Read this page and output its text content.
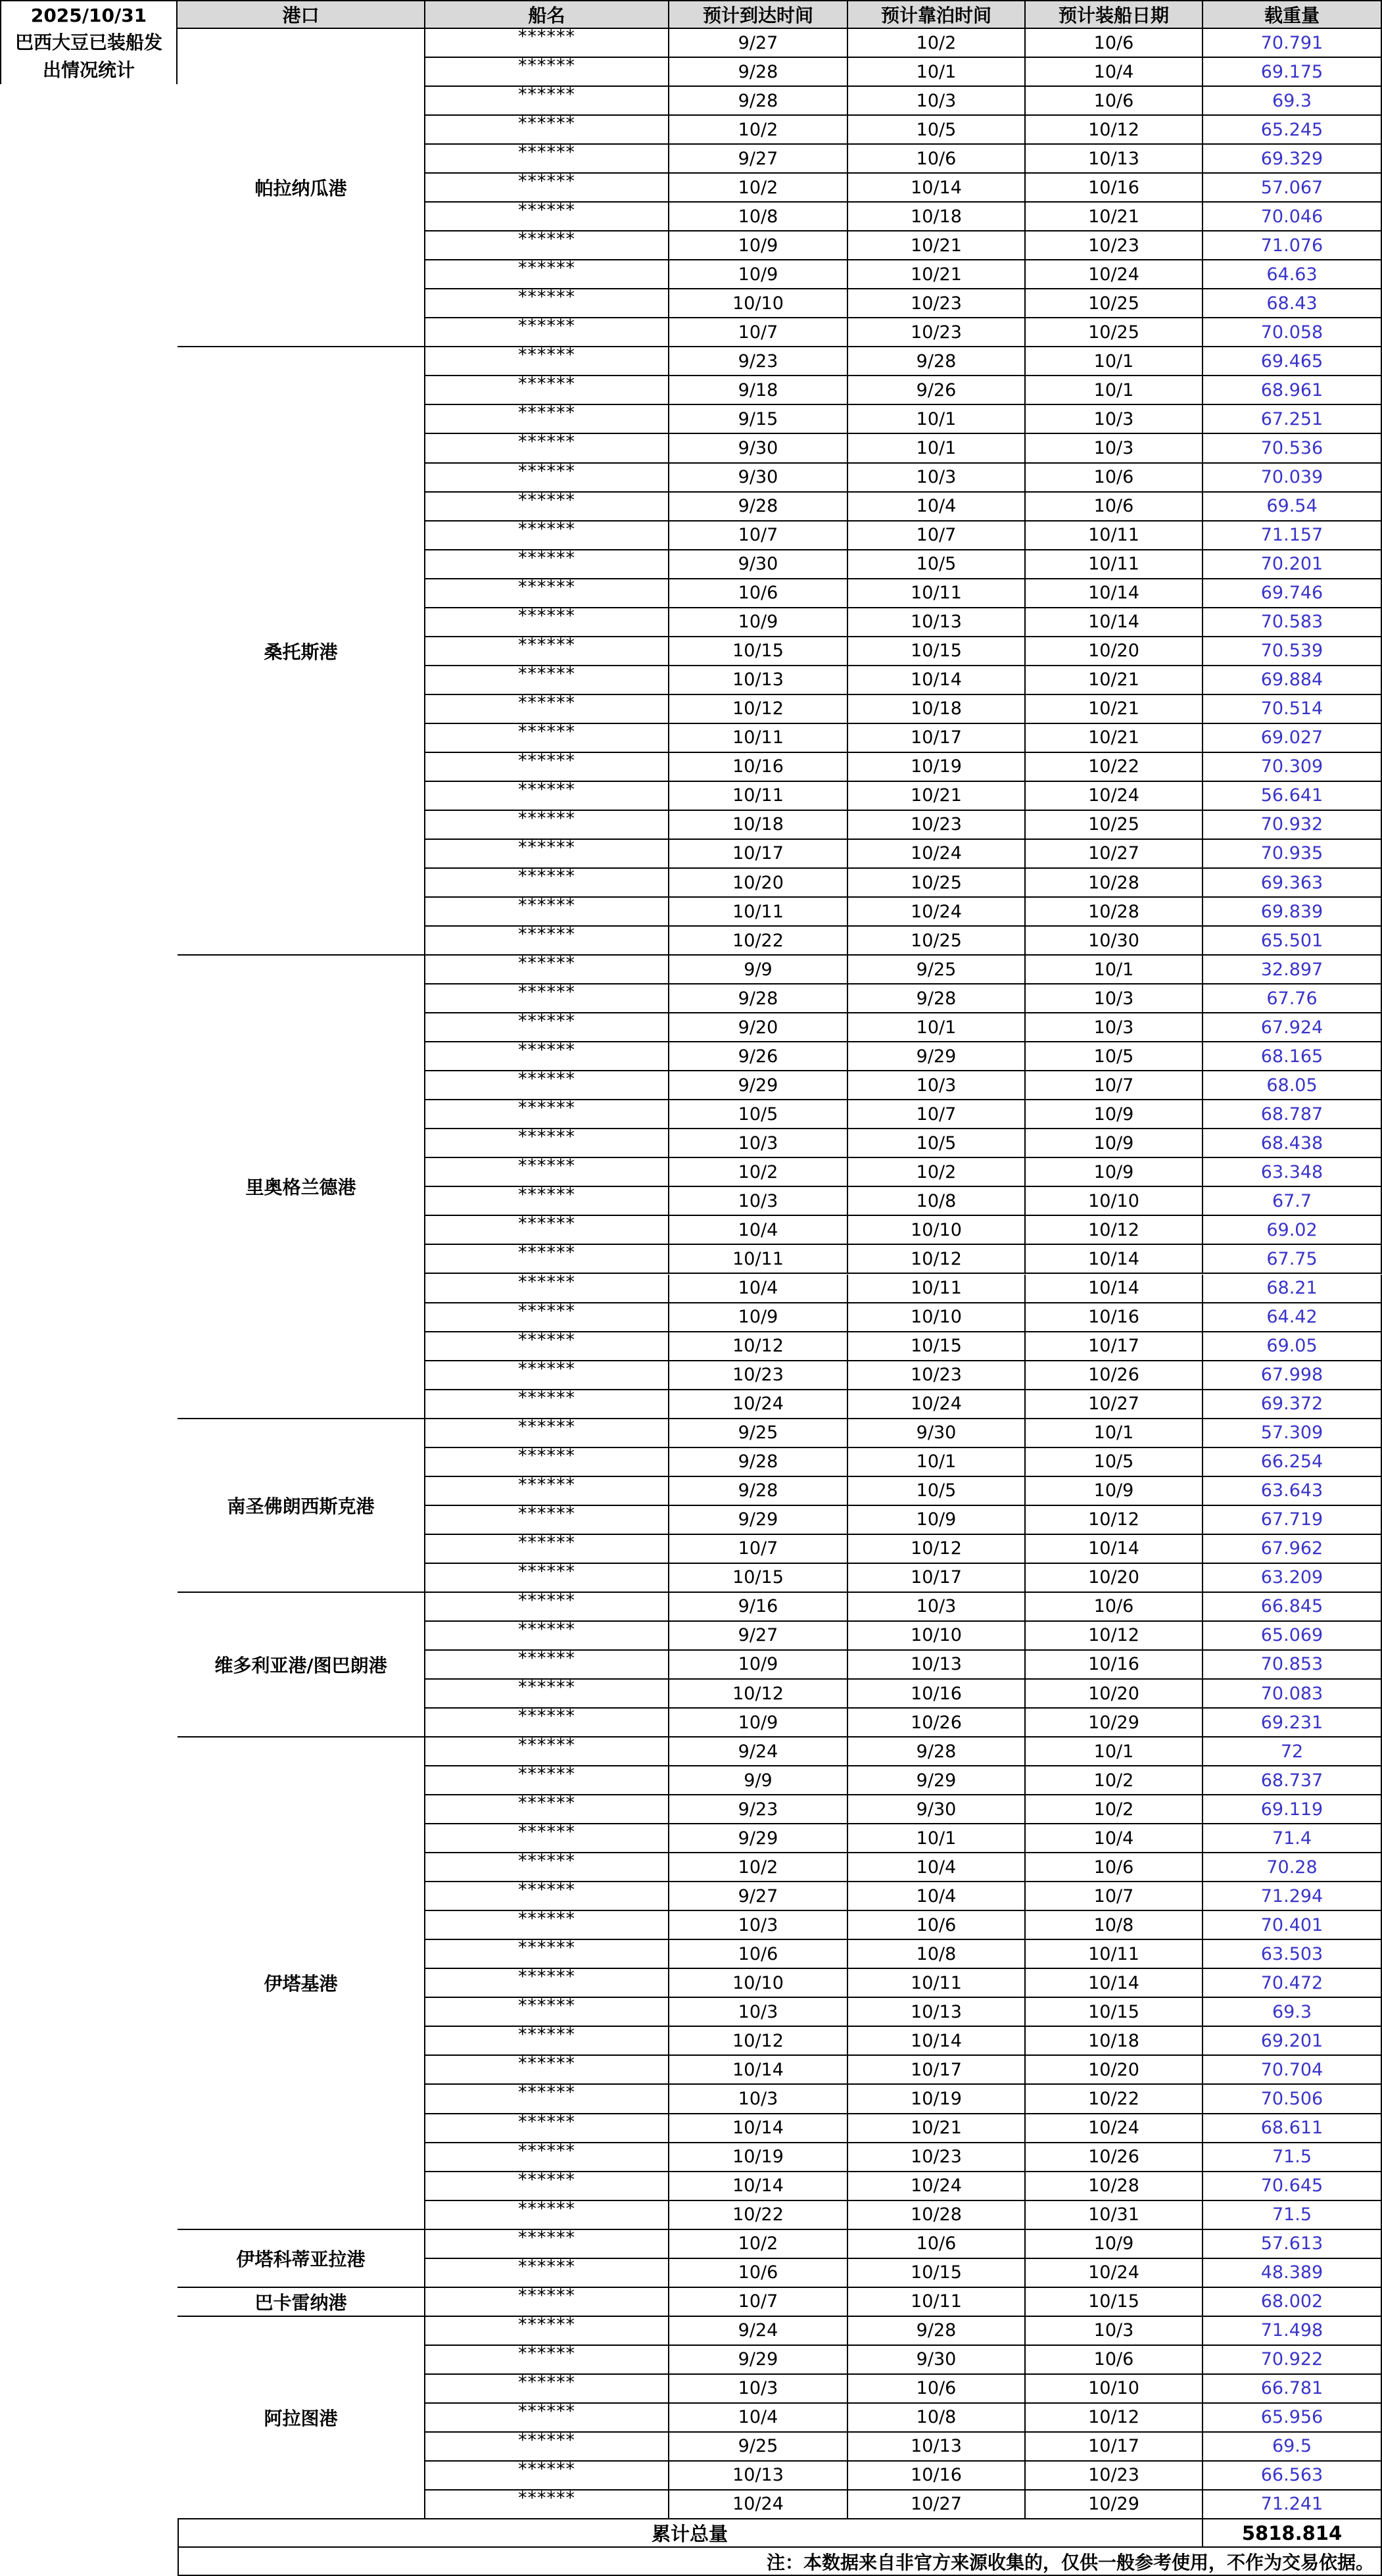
2025/10/31
巴西大豆已装船发
出情况统计
港口	船名	预计到达时间	预计靠泊时间	预计装船日期	载重量
帕拉纳瓜港
******	9/27	10/2	10/6	70.791
******	9/28	10/1	10/4	69.175
******	9/28	10/3	10/6	69.3
******	10/2	10/5	10/12	65.245
******	9/27	10/6	10/13	69.329
******	10/2	10/14	10/16	57.067
******	10/8	10/18	10/21	70.046
******	10/9	10/21	10/23	71.076
******	10/9	10/21	10/24	64.63
******	10/10	10/23	10/25	68.43
******	10/7	10/23	10/25	70.058
桑托斯港
******	9/23	9/28	10/1	69.465
******	9/18	9/26	10/1	68.961
******	9/15	10/1	10/3	67.251
******	9/30	10/1	10/3	70.536
******	9/30	10/3	10/6	70.039
******	9/28	10/4	10/6	69.54
******	10/7	10/7	10/11	71.157
******	9/30	10/5	10/11	70.201
******	10/6	10/11	10/14	69.746
******	10/9	10/13	10/14	70.583
******	10/15	10/15	10/20	70.539
******	10/13	10/14	10/21	69.884
******	10/12	10/18	10/21	70.514
******	10/11	10/17	10/21	69.027
******	10/16	10/19	10/22	70.309
******	10/11	10/21	10/24	56.641
******	10/18	10/23	10/25	70.932
******	10/17	10/24	10/27	70.935
******	10/20	10/25	10/28	69.363
******	10/11	10/24	10/28	69.839
******	10/22	10/25	10/30	65.501
里奥格兰德港
******	9/9	9/25	10/1	32.897
******	9/28	9/28	10/3	67.76
******	9/20	10/1	10/3	67.924
******	9/26	9/29	10/5	68.165
******	9/29	10/3	10/7	68.05
******	10/5	10/7	10/9	68.787
******	10/3	10/5	10/9	68.438
******	10/2	10/2	10/9	63.348
******	10/3	10/8	10/10	67.7
******	10/4	10/10	10/12	69.02
******	10/11	10/12	10/14	67.75
******	10/4	10/11	10/14	68.21
******	10/9	10/10	10/16	64.42
******	10/12	10/15	10/17	69.05
******	10/23	10/23	10/26	67.998
******	10/24	10/24	10/27	69.372
南圣佛朗西斯克港
******	9/25	9/30	10/1	57.309
******	9/28	10/1	10/5	66.254
******	9/28	10/5	10/9	63.643
******	9/29	10/9	10/12	67.719
******	10/7	10/12	10/14	67.962
******	10/15	10/17	10/20	63.209
维多利亚港/图巴朗港
******	9/16	10/3	10/6	66.845
******	9/27	10/10	10/12	65.069
******	10/9	10/13	10/16	70.853
******	10/12	10/16	10/20	70.083
******	10/9	10/26	10/29	69.231
伊塔基港
******	9/24	9/28	10/1	72
******	9/9	9/29	10/2	68.737
******	9/23	9/30	10/2	69.119
******	9/29	10/1	10/4	71.4
******	10/2	10/4	10/6	70.28
******	9/27	10/4	10/7	71.294
******	10/3	10/6	10/8	70.401
******	10/6	10/8	10/11	63.503
******	10/10	10/11	10/14	70.472
******	10/3	10/13	10/15	69.3
******	10/12	10/14	10/18	69.201
******	10/14	10/17	10/20	70.704
******	10/3	10/19	10/22	70.506
******	10/14	10/21	10/24	68.611
******	10/19	10/23	10/26	71.5
******	10/14	10/24	10/28	70.645
******	10/22	10/28	10/31	71.5
伊塔科蒂亚拉港
******	10/2	10/6	10/9	57.613
******	10/6	10/15	10/24	48.389
巴卡雷纳港	******	10/7	10/11	10/15	68.002
阿拉图港
******	9/24	9/28	10/3	71.498
******	9/29	9/30	10/6	70.922
******	10/3	10/6	10/10	66.781
******	10/4	10/8	10/12	65.956
******	9/25	10/13	10/17	69.5
******	10/13	10/16	10/23	66.563
******	10/24	10/27	10/29	71.241
累计总量	5818.814
注：本数据来自非官方来源收集的，仅供一般参考使用，不作为交易依据。
